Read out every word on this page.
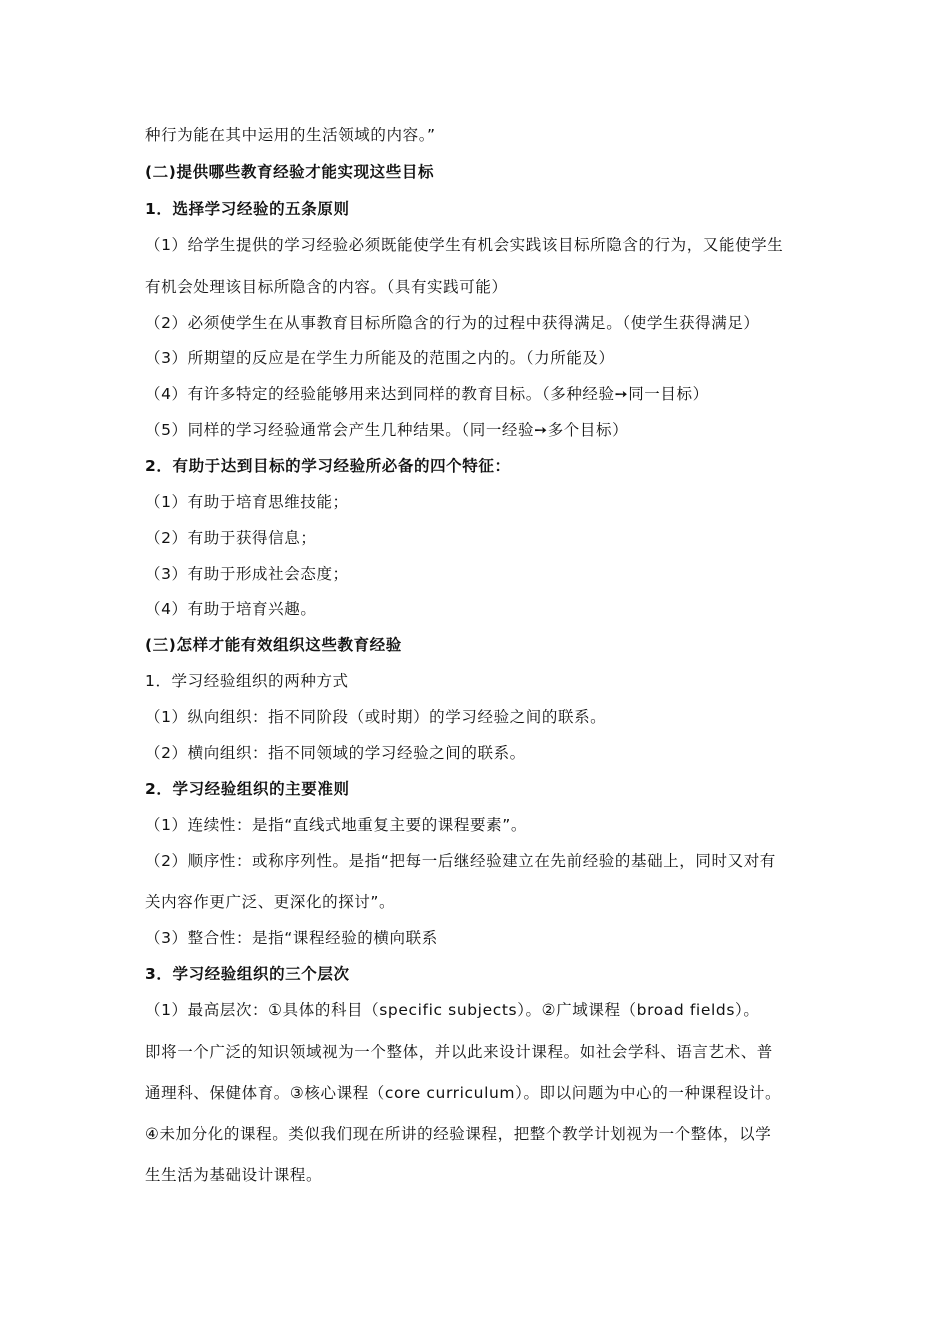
种行为能在其中运用的生活领域的内容。”
(二)提供哪些教育经验才能实现这些目标
1．选择学习经验的五条原则
（1）给学生提供的学习经验必须既能使学生有机会实践该目标所隐含的行为，又能使学生
有机会处理该目标所隐含的内容。（具有实践可能）
（2）必须使学生在从事教育目标所隐含的行为的过程中获得满足。（使学生获得满足）
（3）所期望的反应是在学生力所能及的范围之内的。（力所能及）
（4）有许多特定的经验能够用来达到同样的教育目标。（多种经验➙同一目标）
（5）同样的学习经验通常会产生几种结果。（同一经验➙多个目标）
2．有助于达到目标的学习经验所必备的四个特征：
（1）有助于培育思维技能；
（2）有助于获得信息；
（3）有助于形成社会态度；
（4）有助于培育兴趣。
(三)怎样才能有效组织这些教育经验
1．学习经验组织的两种方式
（1）纵向组织：指不同阶段（或时期）的学习经验之间的联系。
（2）横向组织：指不同领域的学习经验之间的联系。
2．学习经验组织的主要准则
（1）连续性：是指“直线式地重复主要的课程要素”。
（2）顺序性：或称序列性。是指“把每一后继经验建立在先前经验的基础上，同时又对有
关内容作更广泛、更深化的探讨”。
（3）整合性：是指“课程经验的横向联系
3．学习经验组织的三个层次
（1）最高层次：①具体的科目（specific subjects）。②广域课程（broad fields）。
即将一个广泛的知识领域视为一个整体，并以此来设计课程。如社会学科、语言艺术、普
通理科、保健体育。③核心课程（core curriculum）。即以问题为中心的一种课程设计。
④未加分化的课程。类似我们现在所讲的经验课程，把整个教学计划视为一个整体，以学
生生活为基础设计课程。
